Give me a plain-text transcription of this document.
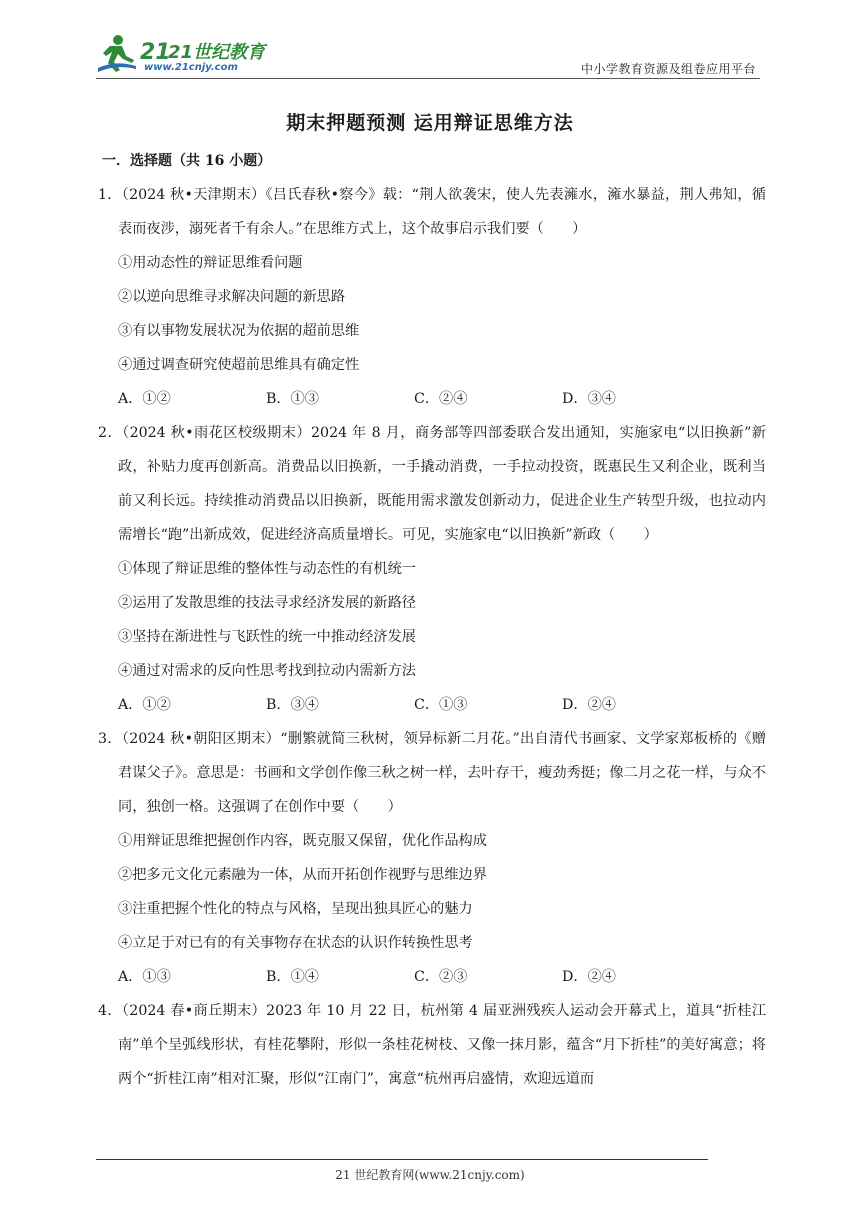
21
21世纪教育
www.21cnjy.com	中小学教育资源及组卷应用平台
期末押题预测 运用辩证思维方法
一．选择题（共 16 小题）
1．（2024 秋•天津期末）《吕氏春秋•察今》载：“荆人欲袭宋，使人先表澭水，澭水暴益，荆人弗知，循表而夜涉，溺死者千有余人。”在思维方式上，这个故事启示我们要（　　）
①用动态性的辩证思维看问题
②以逆向思维寻求解决问题的新思路
③有以事物发展状况为依据的超前思维
④通过调查研究使超前思维具有确定性
A．①②	B．①③	C．②④	D．③④
2．（2024 秋•雨花区校级期末）2024 年 8 月，商务部等四部委联合发出通知，实施家电“以旧换新”新政，补贴力度再创新高。消费品以旧换新，一手撬动消费，一手拉动投资，既惠民生又利企业，既利当前又利长远。持续推动消费品以旧换新，既能用需求激发创新动力，促进企业生产转型升级，也拉动内需增长“跑”出新成效，促进经济高质量增长。可见，实施家电“以旧换新”新政（　　）
①体现了辩证思维的整体性与动态性的有机统一
②运用了发散思维的技法寻求经济发展的新路径
③坚持在渐进性与飞跃性的统一中推动经济发展
④通过对需求的反向性思考找到拉动内需新方法
A．①②	B．③④	C．①③	D．②④
3．（2024 秋•朝阳区期末）“删繁就简三秋树，领异标新二月花。”出自清代书画家、文学家郑板桥的《赠君谋父子》。意思是：书画和文学创作像三秋之树一样，去叶存干，瘦劲秀挺；像二月之花一样，与众不同，独创一格。这强调了在创作中要（　　）
①用辩证思维把握创作内容，既克服又保留，优化作品构成
②把多元文化元素融为一体，从而开拓创作视野与思维边界
③注重把握个性化的特点与风格，呈现出独具匠心的魅力
④立足于对已有的有关事物存在状态的认识作转换性思考
A．①③	B．①④	C．②③	D．②④
4．（2024 春•商丘期末）2023 年 10 月 22 日，杭州第 4 届亚洲残疾人运动会开幕式上，道具“折桂江南”单个呈弧线形状，有桂花攀附，形似一条桂花树枝、又像一抹月影，蕴含“月下折桂”的美好寓意；将两个“折桂江南”相对汇聚，形似“江南门”，寓意“杭州再启盛情，欢迎远道而
21 世纪教育网(www.21cnjy.com)
